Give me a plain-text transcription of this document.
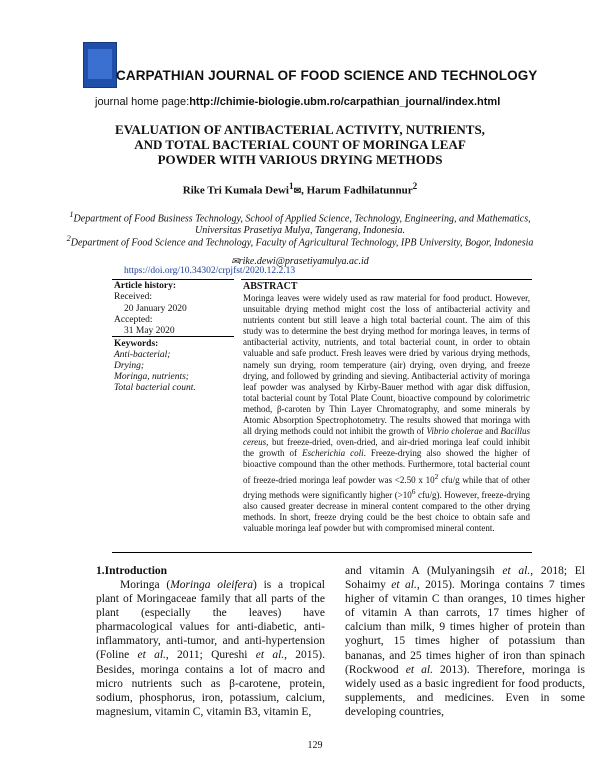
CARPATHIAN JOURNAL OF FOOD SCIENCE AND TECHNOLOGY
journal home page:http://chimie-biologie.ubm.ro/carpathian_journal/index.html
EVALUATION OF ANTIBACTERIAL ACTIVITY, NUTRIENTS, AND TOTAL BACTERIAL COUNT OF MORINGA LEAF POWDER WITH VARIOUS DRYING METHODS
Rike Tri Kumala Dewi$^1$✉, Harum Fadhilatunnur$^2$
$^1$Department of Food Business Technology, School of Applied Science, Technology, Engineering, and Mathematics, Universitas Prasetiya Mulya, Tangerang, Indonesia.
$^2$Department of Food Science and Technology, Faculty of Agricultural Technology, IPB University, Bogor, Indonesia
✉rike.dewi@prasetiyamulya.ac.id
https://doi.org/10.34302/crpjfst/2020.12.2.13
Article history:
Received:
20 January 2020
Accepted:
31 May 2020
Keywords:
Anti-bacterial;
Drying;
Moringa, nutrients;
Total bacterial count.
ABSTRACT
Moringa leaves were widely used as raw material for food product. However, unsuitable drying method might cost the loss of antibacterial activity and nutrients content but still leave a high total bacterial count. The aim of this study was to determine the best drying method for moringa leaves, in terms of antibacterial activity, nutrients, and total bacterial count, in order to obtain valuable and safe product. Fresh leaves were dried by various drying methods, namely sun drying, room temperature (air) drying, oven drying, and freeze drying, and followed by grinding and sieving. Antibacterial activity of moringa leaf powder was analysed by Kirby-Bauer method with agar disk diffusion, total bacterial count by Total Plate Count, bioactive compound by colorimetric method, β-caroten by Thin Layer Chromatography, and some minerals by Atomic Absorption Spectrophotometry. The results showed that moringa with all drying methods could not inhibit the growth of Vibrio cholerae and Bacillus cereus, but freeze-dried, oven-dried, and air-dried moringa leaf could inhibit the growth of Escherichia coli. Freeze-drying also showed the higher of bioactive compound than the other methods. Furthermore, total bacterial count of freeze-dried moringa leaf powder was <2.50 x $10^2$ cfu/g while that of other drying methods were significantly higher ($>10^6$ cfu/g). However, freeze-drying also caused greater decrease in mineral content compared to the other drying methods. In short, freeze drying could be the best choice to obtain safe and valuable moringa leaf powder but with compromised mineral content.
1.Introduction
Moringa (Moringa oleifera) is a tropical plant of Moringaceae family that all parts of the plant (especially the leaves) have pharmacological values for anti-diabetic, anti-inflammatory, anti-tumor, and anti-hypertension (Foline et al., 2011; Qureshi et al., 2015). Besides, moringa contains a lot of macro and micro nutrients such as β-carotene, protein, sodium, phosphorus, iron, potassium, calcium, magnesium, vitamin C, vitamin B3, vitamin E,
and vitamin A (Mulyaningsih et al., 2018; El Sohaimy et al., 2015). Moringa contains 7 times higher of vitamin C than oranges, 10 times higher of vitamin A than carrots, 17 times higher of calcium than milk, 9 times higher of protein than yoghurt, 15 times higher of potassium than bananas, and 25 times higher of iron than spinach (Rockwood et al. 2013). Therefore, moringa is widely used as a basic ingredient for food products, supplements, and medicines. Even in some developing countries,
129
